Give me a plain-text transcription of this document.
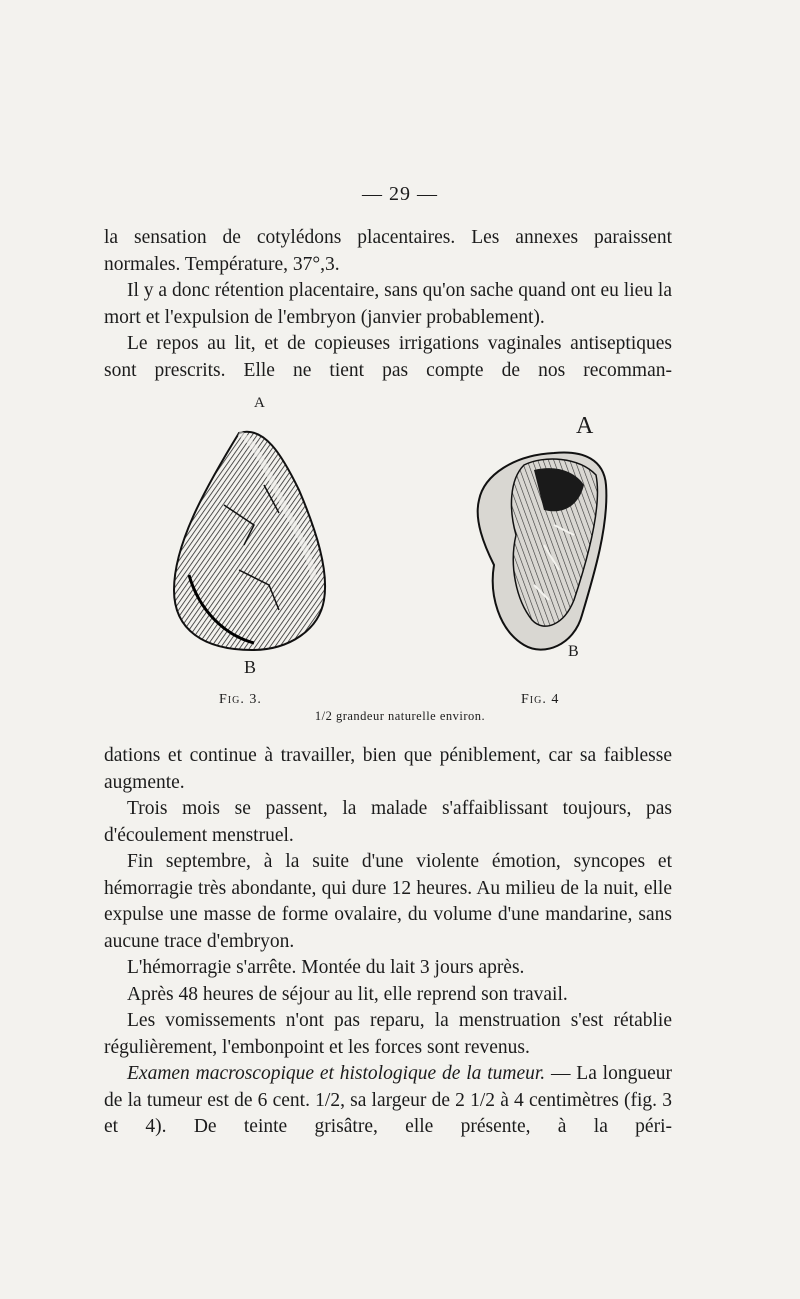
— 29 —

la sensation de cotylédons placentaires. Les annexes paraissent normales. Température, 37°,3.

Il y a donc rétention placentaire, sans qu'on sache quand ont eu lieu la mort et l'expulsion de l'embryon (janvier probablement).

Le repos au lit, et de copieuses irrigations vaginales antiseptiques sont prescrits. Elle ne tient pas compte de nos recomman-

A
B
A
B
Fig. 3.	Fig. 4
1/2 grandeur naturelle environ.

dations et continue à travailler, bien que péniblement, car sa faiblesse augmente.

Trois mois se passent, la malade s'affaiblissant toujours, pas d'écoulement menstruel.

Fin septembre, à la suite d'une violente émotion, syncopes et hémorragie très abondante, qui dure 12 heures. Au milieu de la nuit, elle expulse une masse de forme ovalaire, du volume d'une mandarine, sans aucune trace d'embryon.

L'hémorragie s'arrête. Montée du lait 3 jours après.

Après 48 heures de séjour au lit, elle reprend son travail.

Les vomissements n'ont pas reparu, la menstruation s'est rétablie régulièrement, l'embonpoint et les forces sont revenus.

Examen macroscopique et histologique de la tumeur. — La longueur de la tumeur est de 6 cent. 1/2, sa largeur de 2 1/2 à 4 centimètres (fig. 3 et 4). De teinte grisâtre, elle présente, à la péri-
